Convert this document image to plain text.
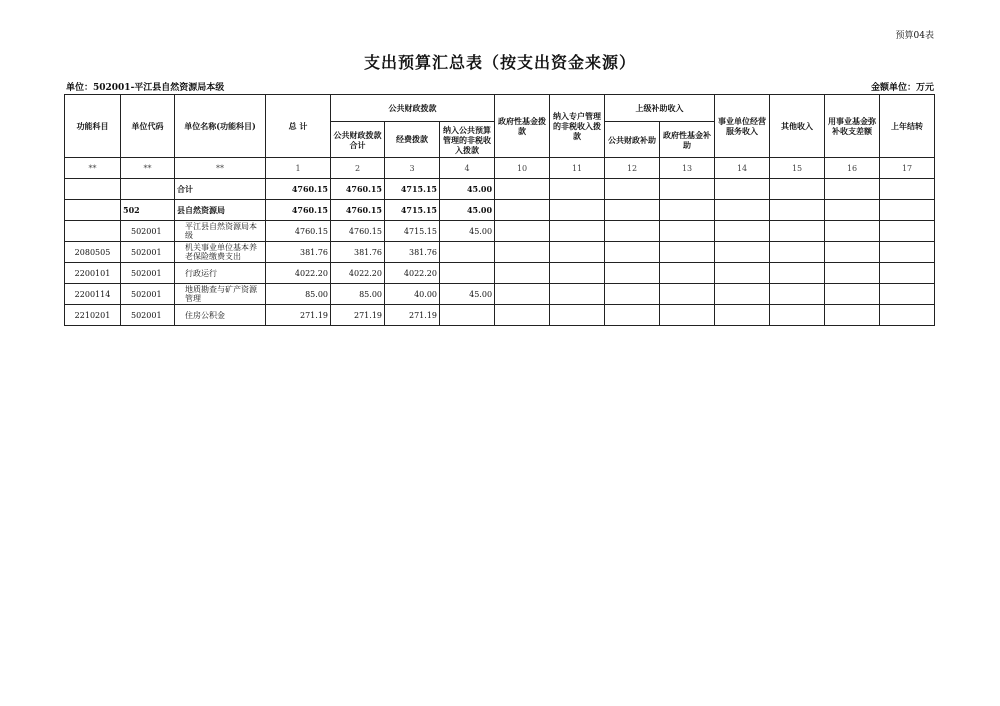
预算04表
支出预算汇总表（按支出资金来源）
单位：502001-平江县自然资源局本级	金额单位：万元
功能科目	单位代码	单位名称(功能科目)	总 计	公共财政拨款			政府性基金拨款	纳入专户管理的非税收入拨款	上级补助收入		事业单位经营服务收入	其他收入	用事业基金弥补收支差额	上年结转
				公共财政拨款合计	经费拨款	纳入公共预算管理的非税收入拨款			公共财政补助	政府性基金补助				
**	**	**	1	2	3	4	10	11	12	13	14	15	16	17
		合计	4760.15	4760.15	4715.15	45.00								
	502	县自然资源局	4760.15	4760.15	4715.15	45.00								
	502001	平江县自然资源局本级	4760.15	4760.15	4715.15	45.00								
2080505	502001	机关事业单位基本养老保险缴费支出	381.76	381.76	381.76									
2200101	502001	行政运行	4022.20	4022.20	4022.20									
2200114	502001	地质勘查与矿产资源管理	85.00	85.00	40.00	45.00								
2210201	502001	住房公积金	271.19	271.19	271.19									
